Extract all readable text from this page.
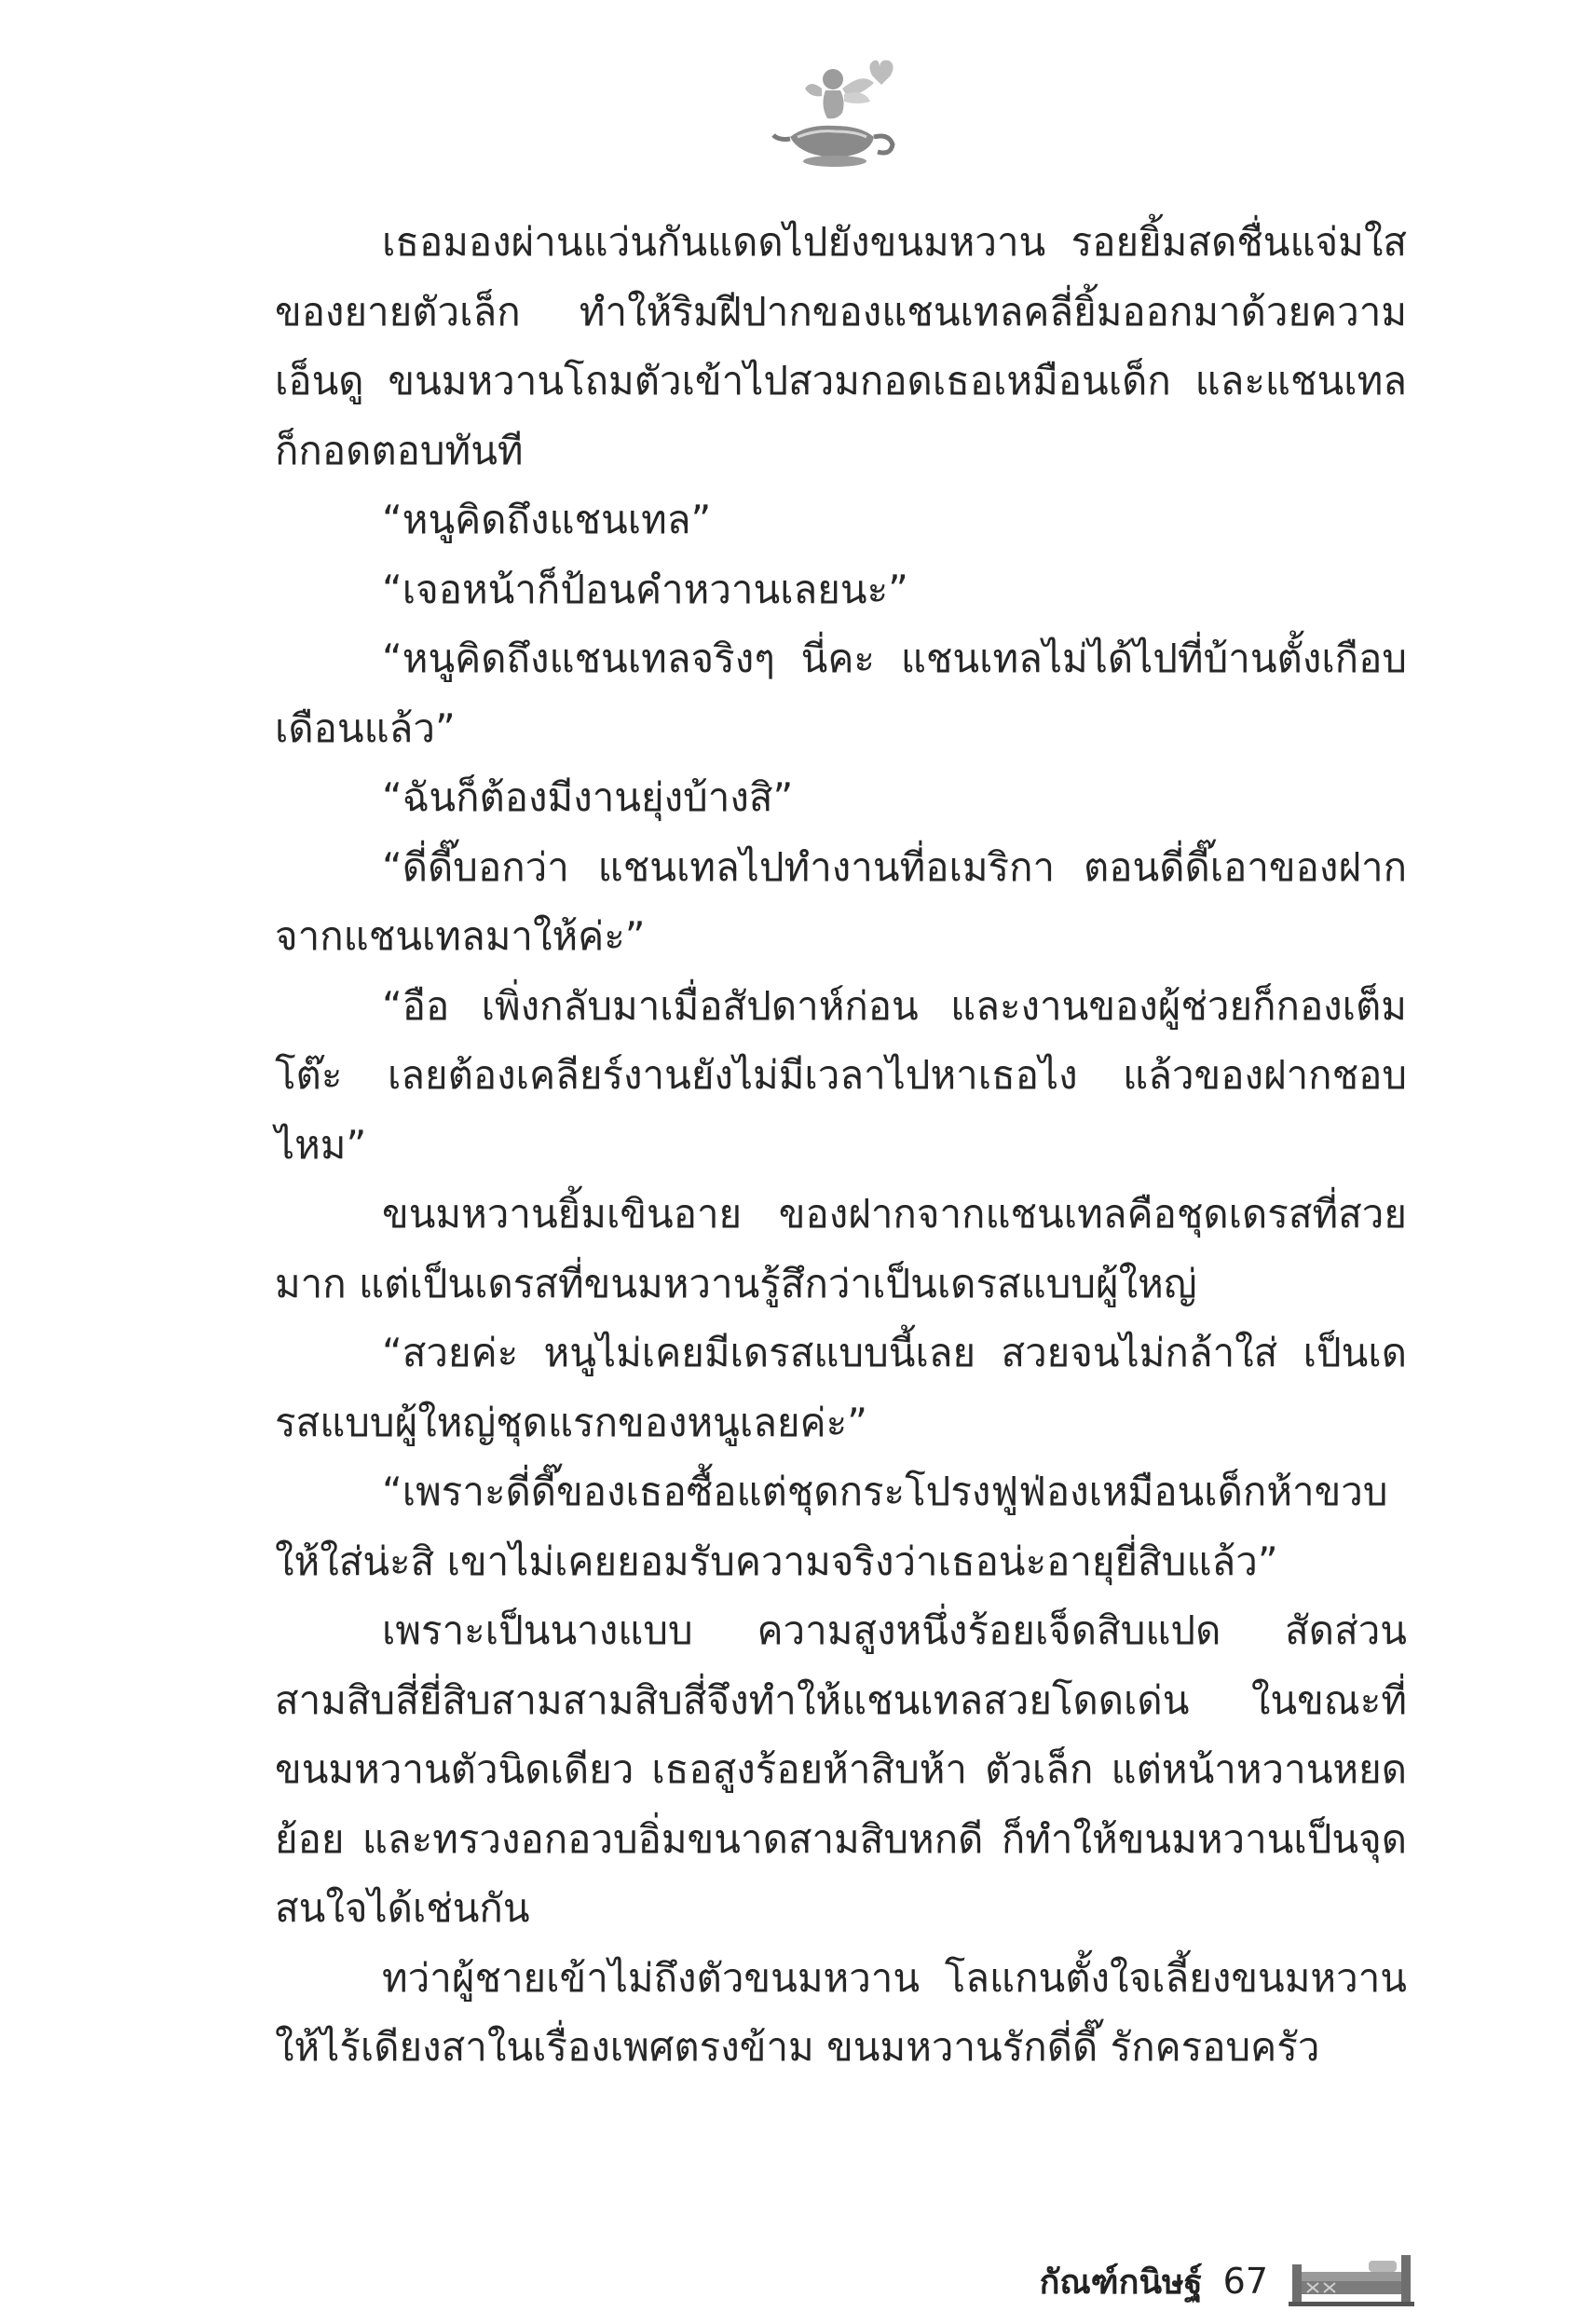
เธอมองผ่านแว่นกันแดดไปยังขนมหวาน รอยยิ้มสดชื่นแจ่มใสของยายตัวเล็ก ทำให้ริมฝีปากของแชนเทลคลี่ยิ้มออกมาด้วยความเอ็นดู ขนมหวานโถมตัวเข้าไปสวมกอดเธอเหมือนเด็ก และแชนเทลก็กอดตอบทันที

“หนูคิดถึงแชนเทล”

“เจอหน้าก็ป้อนคำหวานเลยนะ”

“หนูคิดถึงแชนเทลจริงๆ นี่คะ แชนเทลไม่ได้ไปที่บ้านตั้งเกือบเดือนแล้ว”

“ฉันก็ต้องมีงานยุ่งบ้างสิ”

“ดี่ดี๊บอกว่า แชนเทลไปทำงานที่อเมริกา ตอนดี่ดี๊เอาของฝากจากแชนเทลมาให้ค่ะ”

“อือ เพิ่งกลับมาเมื่อสัปดาห์ก่อน และงานของผู้ช่วยก็กองเต็มโต๊ะ เลยต้องเคลียร์งานยังไม่มีเวลาไปหาเธอไง แล้วของฝากชอบไหม”

ขนมหวานยิ้มเขินอาย ของฝากจากแชนเทลคือชุดเดรสที่สวยมาก แต่เป็นเดรสที่ขนมหวานรู้สึกว่าเป็นเดรสแบบผู้ใหญ่

“สวยค่ะ หนูไม่เคยมีเดรสแบบนี้เลย สวยจนไม่กล้าใส่ เป็นเดรสแบบผู้ใหญ่ชุดแรกของหนูเลยค่ะ”

“เพราะดี่ดี๊ของเธอซื้อแต่ชุดกระโปรงฟูฟ่องเหมือนเด็กห้าขวบให้ใส่น่ะสิ เขาไม่เคยยอมรับความจริงว่าเธอน่ะอายุยี่สิบแล้ว”

เพราะเป็นนางแบบ ความสูงหนึ่งร้อยเจ็ดสิบแปด สัดส่วนสามสิบสี่ยี่สิบสามสามสิบสี่จึงทำให้แชนเทลสวยโดดเด่น ในขณะที่ขนมหวานตัวนิดเดียว เธอสูงร้อยห้าสิบห้า ตัวเล็ก แต่หน้าหวานหยดย้อย และทรวงอกอวบอิ่มขนาดสามสิบหกดี ก็ทำให้ขนมหวานเป็นจุดสนใจได้เช่นกัน

ทว่าผู้ชายเข้าไม่ถึงตัวขนมหวาน โลแกนตั้งใจเลี้ยงขนมหวานให้ไร้เดียงสาในเรื่องเพศตรงข้าม ขนมหวานรักดี่ดี๊ รักครอบครัว

กัณฑ์กนิษฐ์ 67
